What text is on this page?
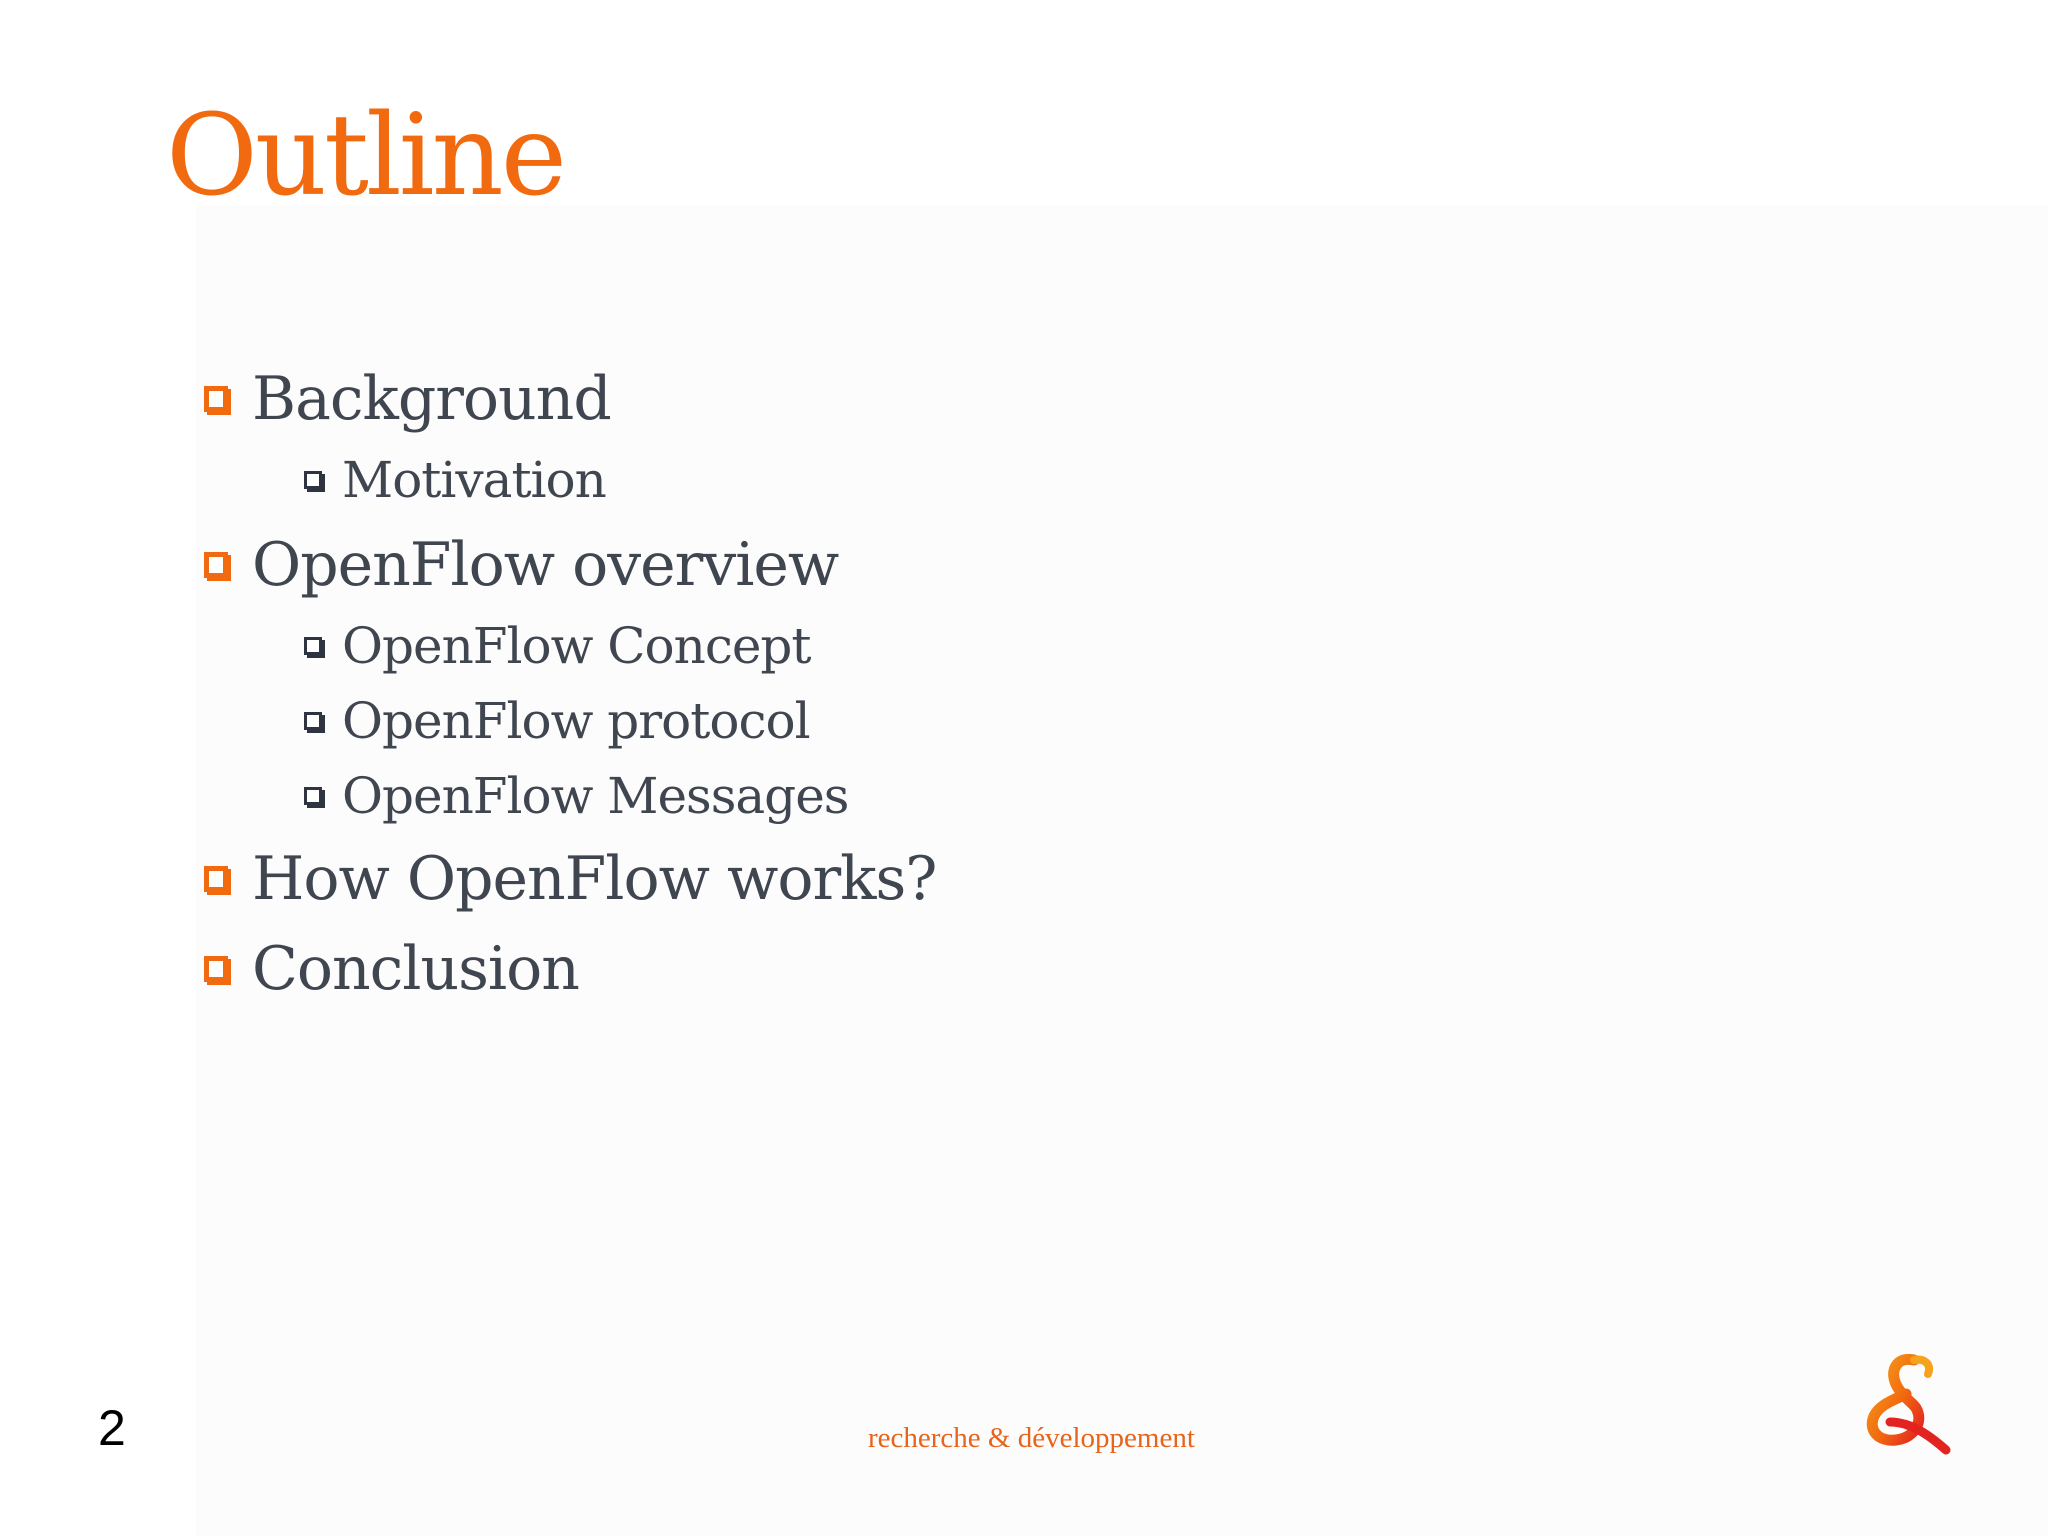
Outline
Background
Motivation
OpenFlow overview
OpenFlow Concept
OpenFlow protocol
OpenFlow Messages
How OpenFlow works?
Conclusion
2	recherche & développement
